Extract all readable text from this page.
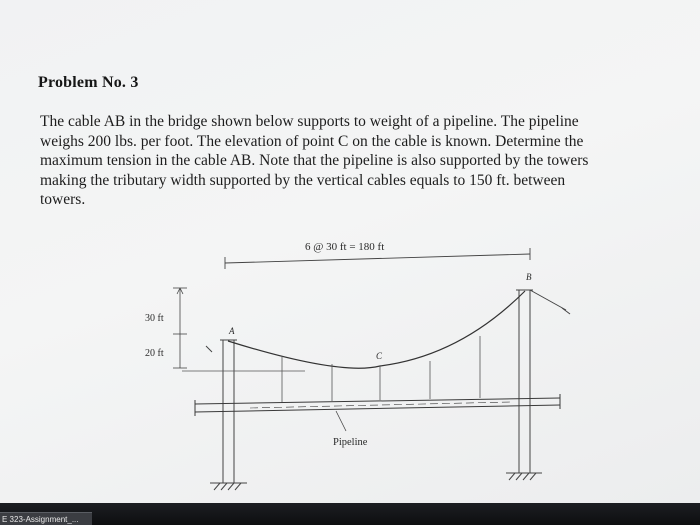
Problem No. 3
The cable AB in the bridge shown below supports to weight of a pipeline. The pipeline
weighs 200 lbs. per foot. The elevation of point C on the cable is known. Determine the
maximum tension in the cable AB. Note that the pipeline is also supported by the towers
making the tributary width supported by the vertical cables equals to 150 ft. between
towers.
6 @ 30 ft = 180 ft
A
B
C
Pipeline
30 ft
20 ft
E 323-Assignment_...
